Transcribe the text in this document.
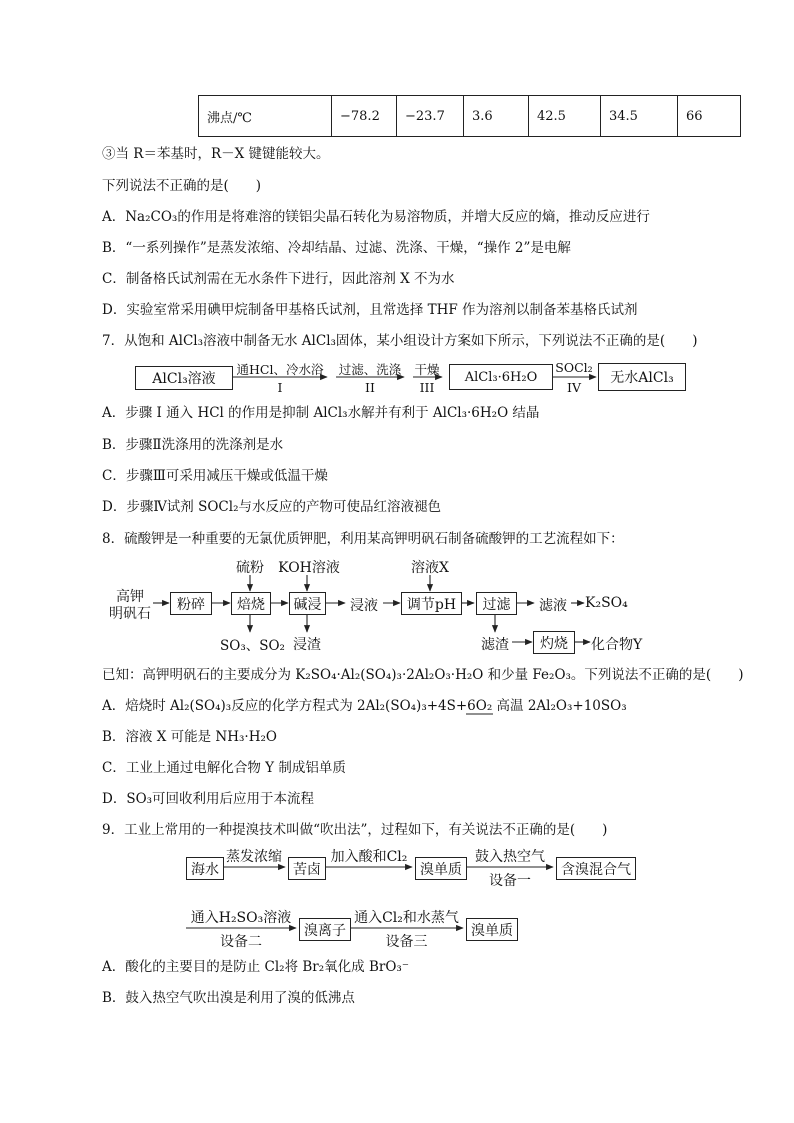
沸点/℃	−78.2	−23.7	3.6	42.5	34.5	66
③当 R＝苯基时，R－X 键键能较大。
下列说法不正确的是(　　)
A．Na₂CO₃的作用是将难溶的镁铝尖晶石转化为易溶物质，并增大反应的熵，推动反应进行
B．“一系列操作”是蒸发浓缩、冷却结晶、过滤、洗涤、干燥，“操作 2”是电解
C．制备格氏试剂需在无水条件下进行，因此溶剂 X 不为水
D．实验室常采用碘甲烷制备甲基格氏试剂，且常选择 THF 作为溶剂以制备苯基格氏试剂
7．从饱和 AlCl₃溶液中制备无水 AlCl₃固体，某小组设计方案如下所示，下列说法不正确的是(　　)
AlCl₃溶液
通HCl、冷水浴
I
过滤、洗涤
II
干燥
III
AlCl₃·6H₂O
SOCl₂
IV
无水AlCl₃
A．步骤 I 通入 HCl 的作用是抑制 AlCl₃水解并有利于 AlCl₃·6H₂O 结晶
B．步骤Ⅱ洗涤用的洗涤剂是水
C．步骤Ⅲ可采用减压干燥或低温干燥
D．步骤Ⅳ试剂 SOCl₂与水反应的产物可使品红溶液褪色
8．硫酸钾是一种重要的无氯优质钾肥，利用某高钾明矾石制备硫酸钾的工艺流程如下：
高钾
明矾石
粉碎
硫粉
焙烧
KOH溶液
碱浸	浸液
溶液X
调节pH	过滤	滤液 K₂SO₄
SO₃、SO₂ 浸渣	滤渣	灼烧	化合物Y
已知：高钾明矾石的主要成分为 K₂SO₄·Al₂(SO₄)₃·2Al₂O₃·H₂O 和少量 Fe₂O₃。下列说法不正确的是(　　)
A．焙烧时 Al₂(SO₄)₃反应的化学方程式为 2Al₂(SO₄)₃+4S+6O₂ 高温 2Al₂O₃+10SO₃
B．溶液 X 可能是 NH₃·H₂O
C．工业上通过电解化合物 Y 制成铝单质
D．SO₃可回收利用后应用于本流程
9．工业上常用的一种提溴技术叫做“吹出法”，过程如下，有关说法不正确的是(　　)
海水
蒸发浓缩
苦卤
加入酸和Cl₂
溴单质
鼓入热空气
设备一
含溴混合气
通入H₂SO₃溶液
设备二
溴离子
通入Cl₂和水蒸气
设备三
溴单质
A．酸化的主要目的是防止 Cl₂将 Br₂氧化成 BrO₃⁻
B．鼓入热空气吹出溴是利用了溴的低沸点
